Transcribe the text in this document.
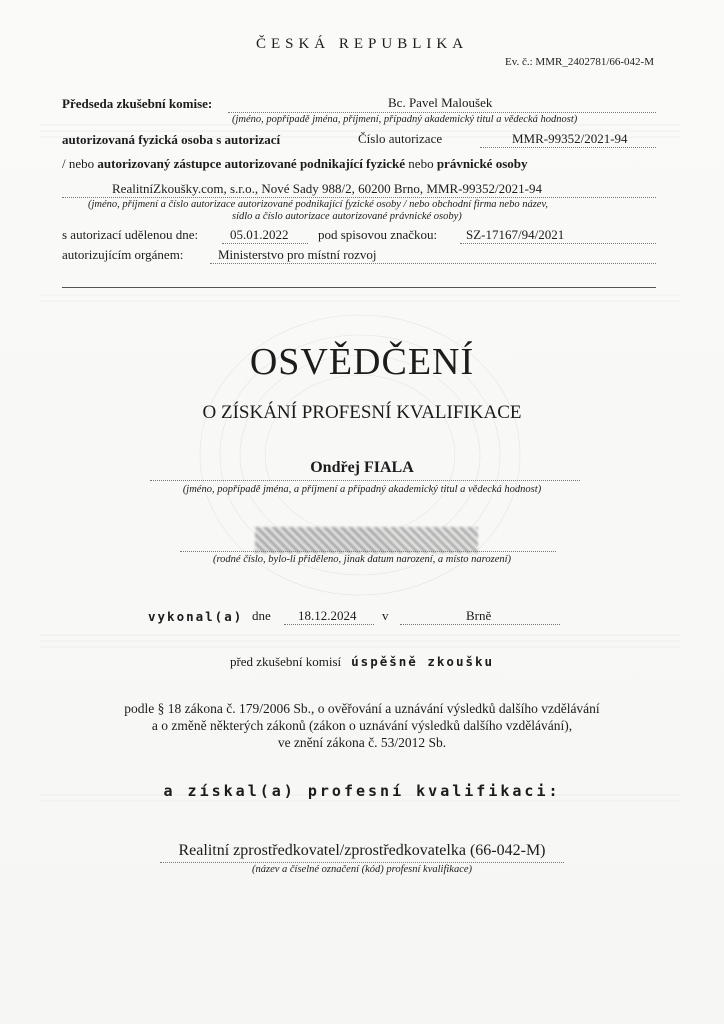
ČESKÁ REPUBLIKA
Ev. č.: MMR_2402781/66-042-M
Předseda zkušební komise:	Bc. Pavel Maloušek
(jméno, popřípadě jména, příjmení, případný akademický titul a vědecká hodnost)
autorizovaná fyzická osoba s autorizací	Číslo autorizace	MMR-99352/2021-94
/ nebo autorizovaný zástupce autorizované podnikající fyzické nebo právnické osoby
RealitníZkoušky.com, s.r.o., Nové Sady 988/2, 60200 Brno, MMR-99352/2021-94
(jméno, příjmení a číslo autorizace autorizované podnikající fyzické osoby / nebo obchodní firma nebo název,
sídlo a číslo autorizace autorizované právnické osoby)
s autorizací udělenou dne: 05.01.2022 pod spisovou značkou: SZ-17167/94/2021
autorizujícím orgánem:	Ministerstvo pro místní rozvoj
OSVĚDČENÍ
O ZÍSKÁNÍ PROFESNÍ KVALIFIKACE
Ondřej FIALA
(jméno, popřípadě jména, a příjmení a případný akademický titul a vědecká hodnost)
(rodné číslo, bylo-li přiděleno, jinak datum narození, a místo narození)
vykonal(a) dne 18.12.2024 v	Brně
před zkušební komisí úspěšně zkoušku
podle § 18 zákona č. 179/2006 Sb., o ověřování a uznávání výsledků dalšího vzdělávání
a o změně některých zákonů (zákon o uznávání výsledků dalšího vzdělávání),
ve znění zákona č. 53/2012 Sb.
a získal(a) profesní kvalifikaci:
Realitní zprostředkovatel/zprostředkovatelka (66-042-M)
(název a číselné označení (kód) profesní kvalifikace)
